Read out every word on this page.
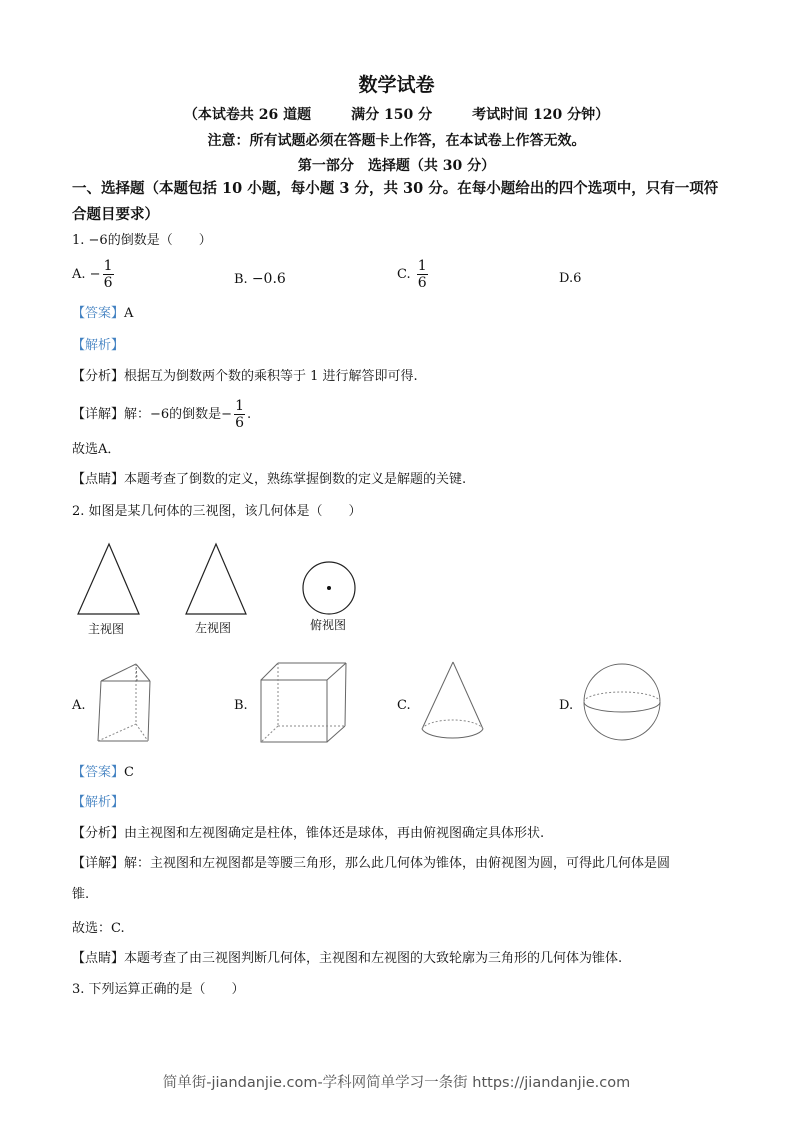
数学试卷
（本试卷共 26 道题	满分 150 分	考试时间 120 分钟）
注意：所有试题必须在答题卡上作答，在本试卷上作答无效。
第一部分　选择题（共 30 分）
一、选择题（本题包括 10 小题，每小题 3 分，共 30 分。在每小题给出的四个选项中，只有一项符合题目要求）
1. −6的倒数是（　　）
A. − $\frac{1}{6}$	B. −0.6	C. $\frac{1}{6}$	D.6
【答案】A
【解析】
【分析】根据互为倒数两个数的乘积等于 1 进行解答即可得.
【详解】解：−6的倒数是− $\frac{1}{6}$ .
故选A．
【点睛】本题考查了倒数的定义，熟练掌握倒数的定义是解题的关键.
2. 如图是某几何体的三视图，该几何体是（　　）
主视图	左视图	俯视图
A.	B.	C.	D.
【答案】C
【解析】
【分析】由主视图和左视图确定是柱体，锥体还是球体，再由俯视图确定具体形状.
【详解】解：主视图和左视图都是等腰三角形，那么此几何体为锥体，由俯视图为圆，可得此几何体是圆
锥.
故选：C.
【点睛】本题考查了由三视图判断几何体，主视图和左视图的大致轮廓为三角形的几何体为锥体.
3. 下列运算正确的是（　　）
简单街-jiandanjie.com-学科网简单学习一条街 https://jiandanjie.com
